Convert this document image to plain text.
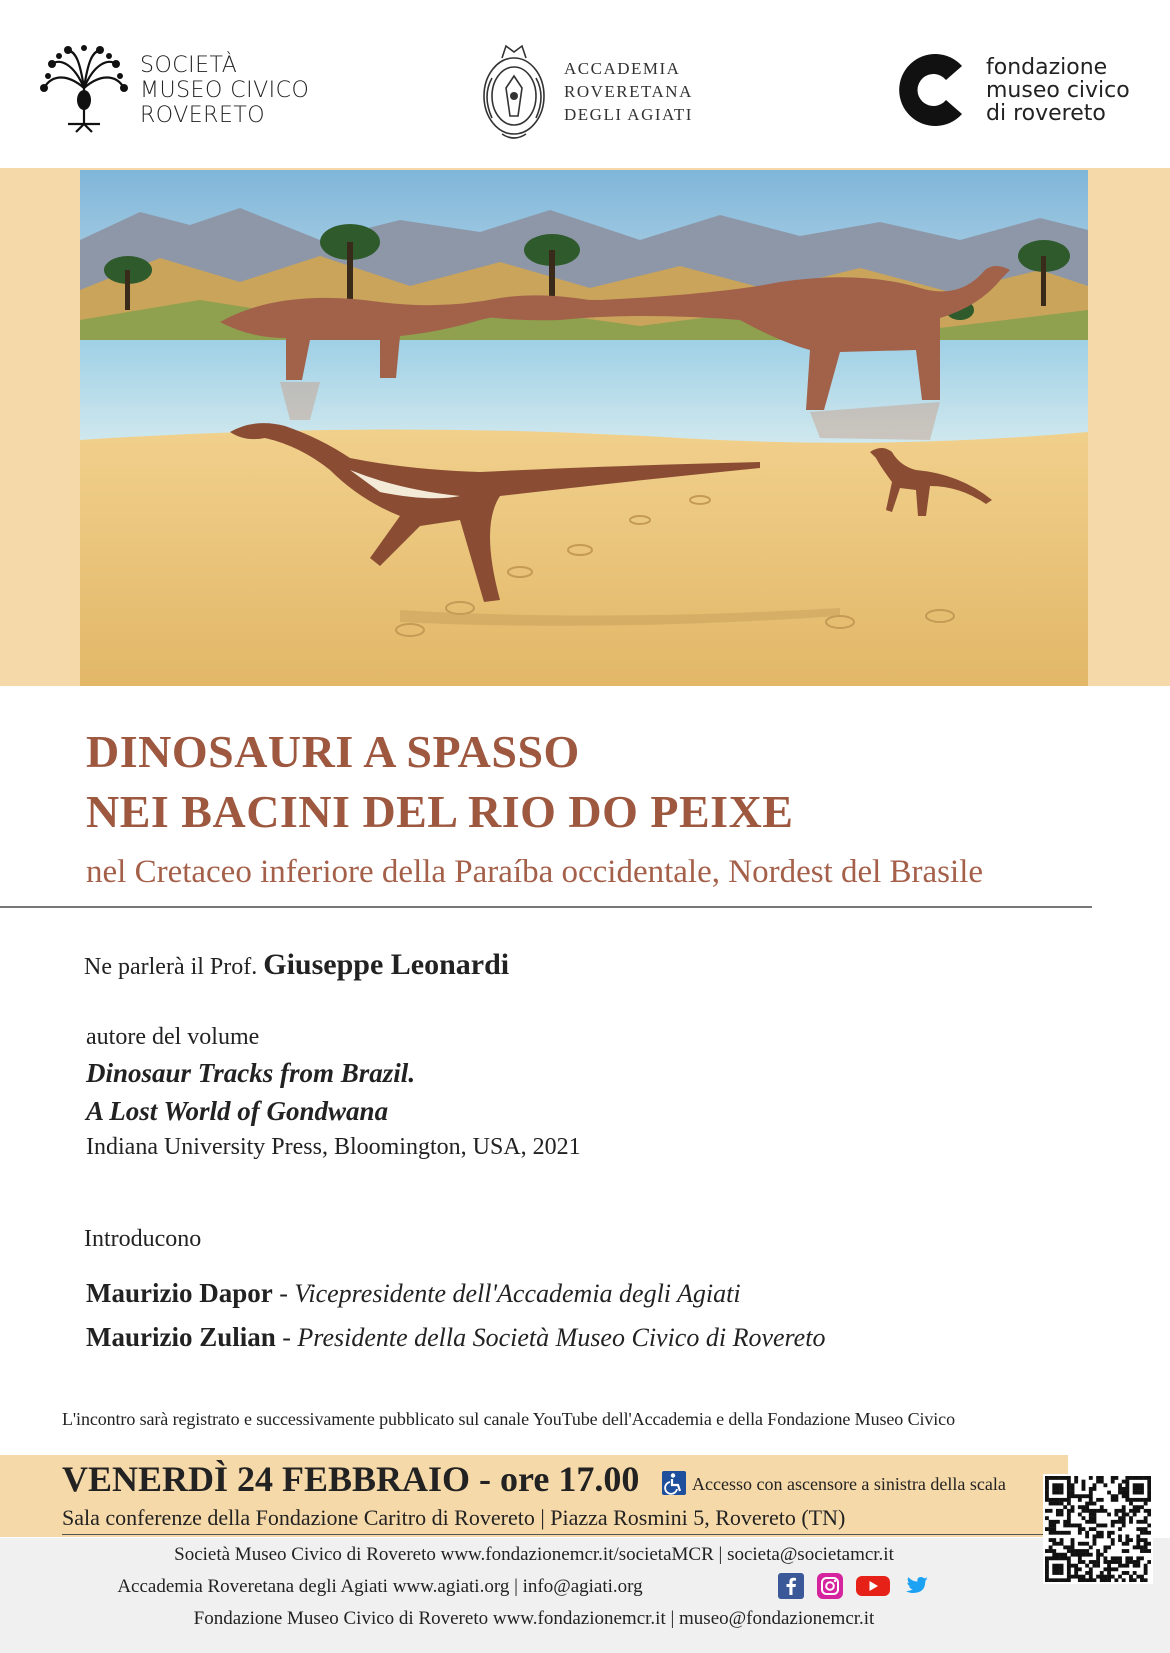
SOCIETÀ
MUSEO CIVICO
ROVERETO
ACCADEMIA
ROVERETANA
DEGLI AGIATI
fondazione
museo civico
di rovereto
DINOSAURI A SPASSO
NEI BACINI DEL RIO DO PEIXE
nel Cretaceo inferiore della Paraíba occidentale, Nordest del Brasile
Ne parlerà il Prof. Giuseppe Leonardi
autore del volume
Dinosaur Tracks from Brazil.
A Lost World of Gondwana
Indiana University Press, Bloomington, USA, 2021
Introducono
Maurizio Dapor - Vicepresidente dell'Accademia degli Agiati
Maurizio Zulian - Presidente della Società Museo Civico di Rovereto
L'incontro sarà registrato e successivamente pubblicato sul canale YouTube dell'Accademia e della Fondazione Museo Civico
VENERDÌ 24 FEBBRAIO - ore 17.00	Accesso con ascensore a sinistra della scala
Sala conferenze della Fondazione Caritro di Rovereto | Piazza Rosmini 5, Rovereto (TN)
Società Museo Civico di Rovereto www.fondazionemcr.it/societaMCR | societa@societamcr.it
Accademia Roveretana degli Agiati www.agiati.org | info@agiati.org
Fondazione Museo Civico di Rovereto www.fondazionemcr.it | museo@fondazionemcr.it
